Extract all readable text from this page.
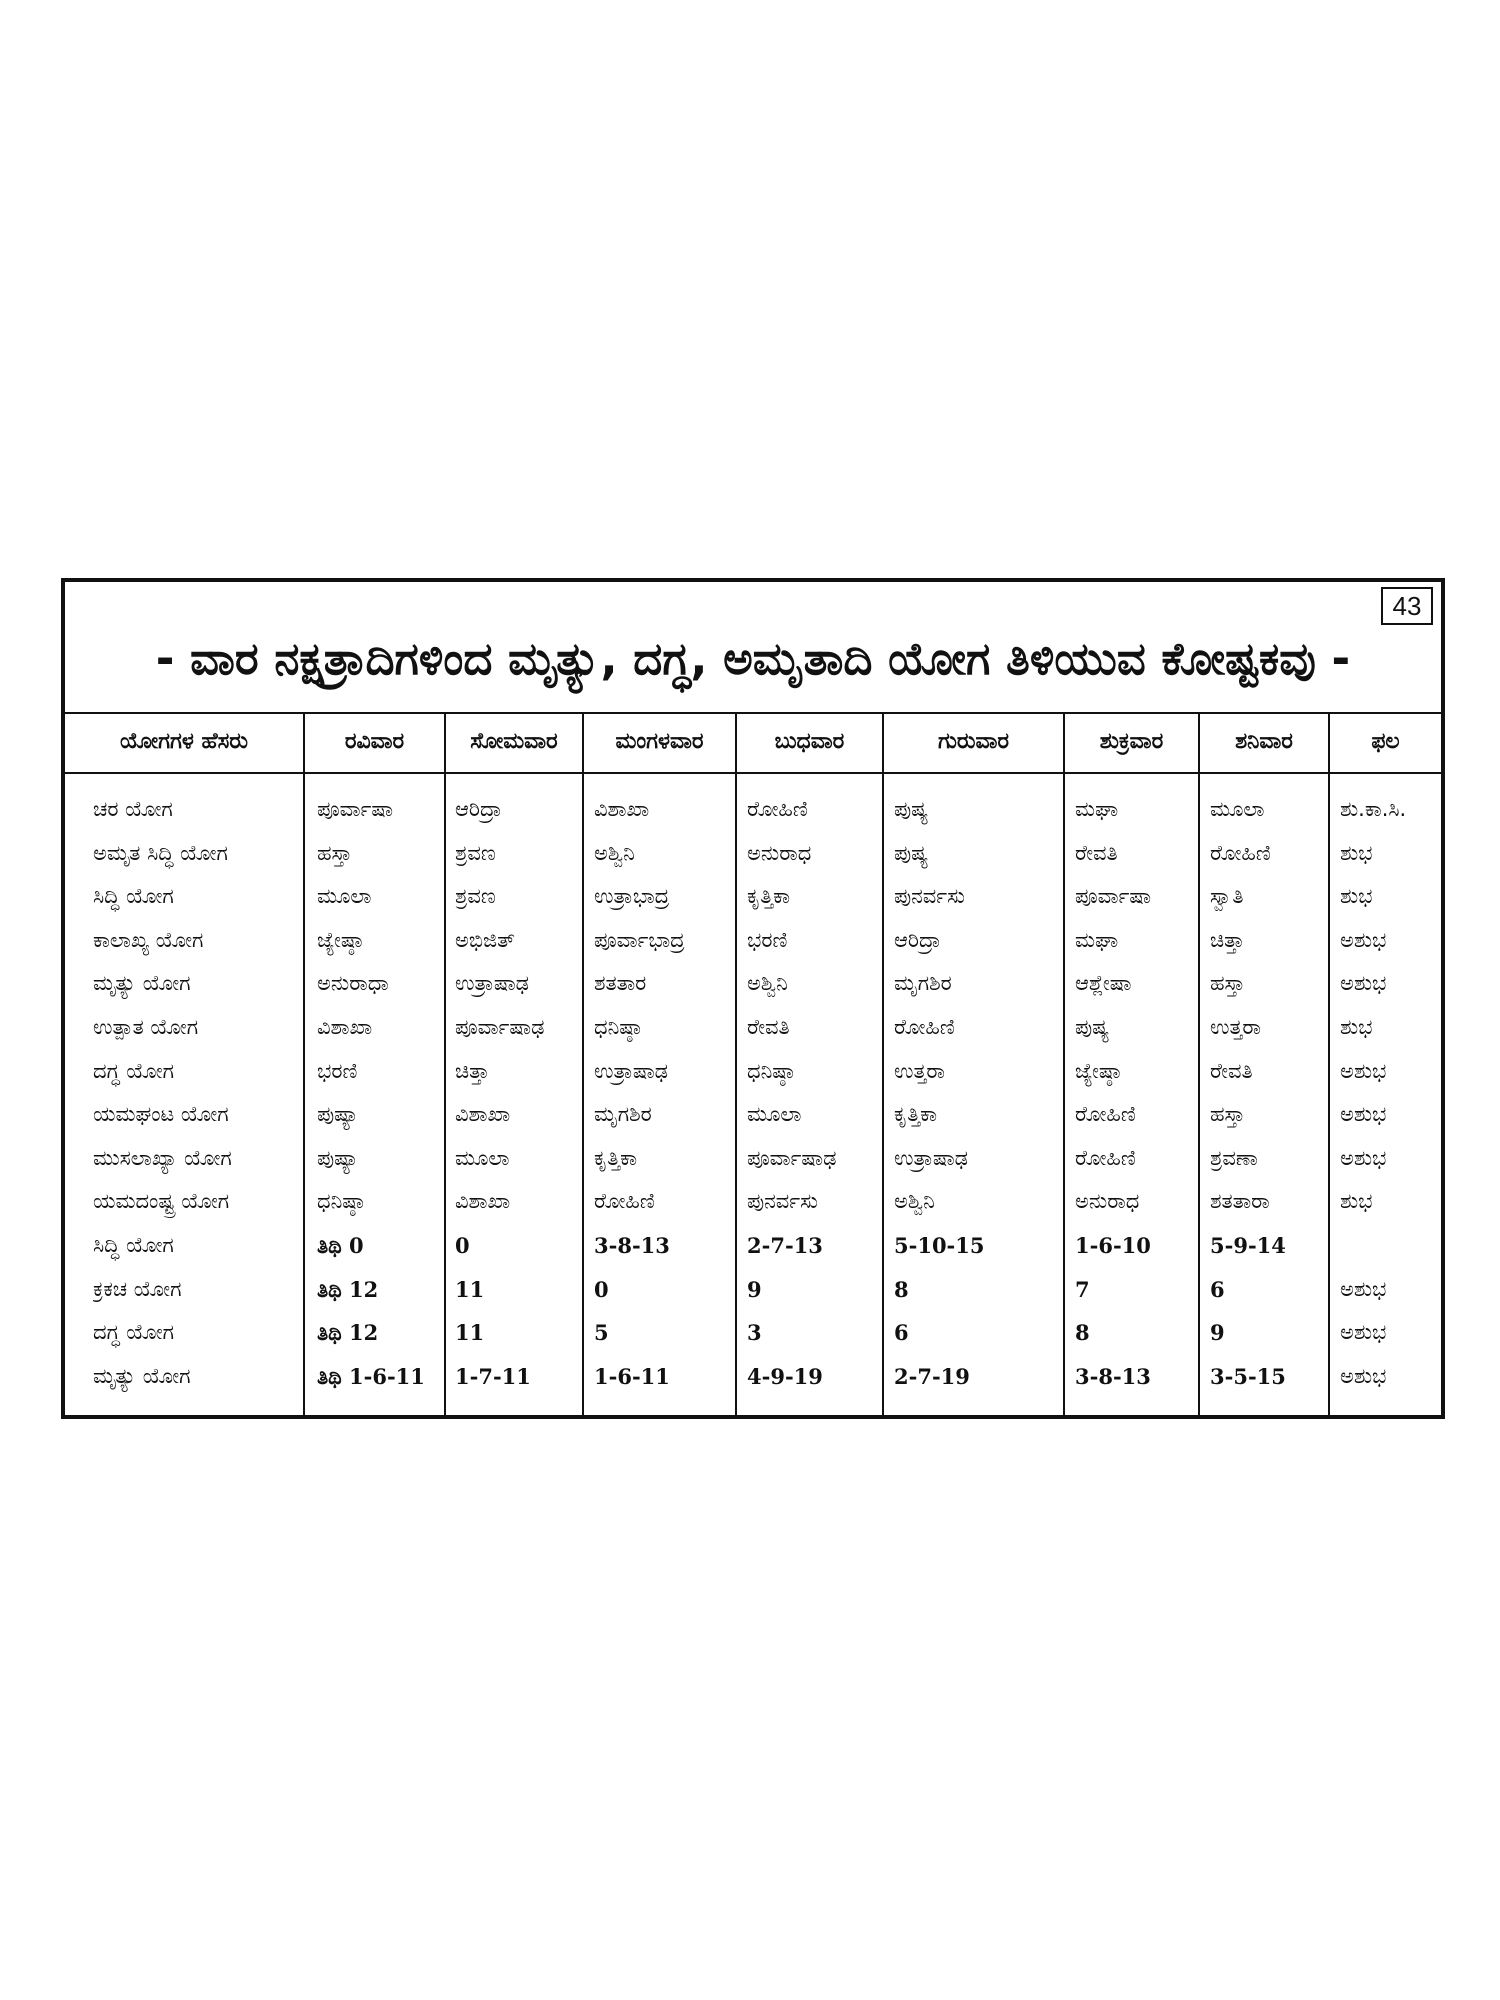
43
- ವಾರ ನಕ್ಷತ್ರಾದಿಗಳಿಂದ ಮೃತ್ಯು, ದಗ್ಧ, ಅಮೃತಾದಿ ಯೋಗ ತಿಳಿಯುವ ಕೋಷ್ಟಕವು -
ಯೋಗಗಳ ಹೆಸರು	ರವಿವಾರ	ಸೋಮವಾರ	ಮಂಗಳವಾರ	ಬುಧವಾರ	ಗುರುವಾರ	ಶುಕ್ರವಾರ	ಶನಿವಾರ	ಫಲ
ಚರ ಯೋಗ	ಪೂರ್ವಾಷಾ	ಆರಿದ್ರಾ	ವಿಶಾಖಾ	ರೋಹಿಣಿ	ಪುಷ್ಯ	ಮಘಾ	ಮೂಲಾ	ಶು.ಕಾ.ಸಿ.
ಅಮೃತ ಸಿದ್ಧಿ ಯೋಗ	ಹಸ್ತಾ	ಶ್ರವಣ	ಅಶ್ವಿನಿ	ಅನುರಾಧ	ಪುಷ್ಯ	ರೇವತಿ	ರೋಹಿಣಿ	ಶುಭ
ಸಿದ್ಧಿ ಯೋಗ	ಮೂಲಾ	ಶ್ರವಣ	ಉತ್ರಾಭಾದ್ರ	ಕೃತ್ತಿಕಾ	ಪುನರ್ವಸು	ಪೂರ್ವಾಷಾ	ಸ್ವಾತಿ	ಶುಭ
ಕಾಲಾಖ್ಯ ಯೋಗ	ಜ್ಯೇಷ್ಠಾ	ಅಭಿಜಿತ್	ಪೂರ್ವಾಭಾದ್ರ	ಭರಣಿ	ಆರಿದ್ರಾ	ಮಘಾ	ಚಿತ್ತಾ	ಅಶುಭ
ಮೃತ್ಯು ಯೋಗ	ಅನುರಾಧಾ	ಉತ್ರಾಷಾಢ	ಶತತಾರ	ಅಶ್ವಿನಿ	ಮೃಗಶಿರ	ಆಶ್ಲೇಷಾ	ಹಸ್ತಾ	ಅಶುಭ
ಉತ್ಪಾತ ಯೋಗ	ವಿಶಾಖಾ	ಪೂರ್ವಾಷಾಢ	ಧನಿಷ್ಠಾ	ರೇವತಿ	ರೋಹಿಣಿ	ಪುಷ್ಯ	ಉತ್ತರಾ	ಶುಭ
ದಗ್ಧ ಯೋಗ	ಭರಣಿ	ಚಿತ್ತಾ	ಉತ್ರಾಷಾಢ	ಧನಿಷ್ಠಾ	ಉತ್ತರಾ	ಜ್ಯೇಷ್ಠಾ	ರೇವತಿ	ಅಶುಭ
ಯಮಘಂಟ ಯೋಗ	ಪುಷ್ಯಾ	ವಿಶಾಖಾ	ಮೃಗಶಿರ	ಮೂಲಾ	ಕೃತ್ತಿಕಾ	ರೋಹಿಣಿ	ಹಸ್ತಾ	ಅಶುಭ
ಮುಸಲಾಖ್ಯಾ ಯೋಗ	ಪುಷ್ಯಾ	ಮೂಲಾ	ಕೃತ್ತಿಕಾ	ಪೂರ್ವಾಷಾಢ	ಉತ್ರಾಷಾಢ	ರೋಹಿಣಿ	ಶ್ರವಣಾ	ಅಶುಭ
ಯಮದಂಷ್ಟ್ರ ಯೋಗ	ಧನಿಷ್ಠಾ	ವಿಶಾಖಾ	ರೋಹಿಣಿ	ಪುನರ್ವಸು	ಅಶ್ವಿನಿ	ಅನುರಾಧ	ಶತತಾರಾ	ಶುಭ
ಸಿದ್ಧಿ ಯೋಗ	ತಿಥಿ 0	0	3-8-13	2-7-13	5-10-15	1-6-10	5-9-14
ಕ್ರಕಚ ಯೋಗ	ತಿಥಿ 12	11	0	9	8	7	6	ಅಶುಭ
ದಗ್ಧ ಯೋಗ	ತಿಥಿ 12	11	5	3	6	8	9	ಅಶುಭ
ಮೃತ್ಯು ಯೋಗ	ತಿಥಿ 1-6-11	1-7-11	1-6-11	4-9-19	2-7-19	3-8-13	3-5-15	ಅಶುಭ
